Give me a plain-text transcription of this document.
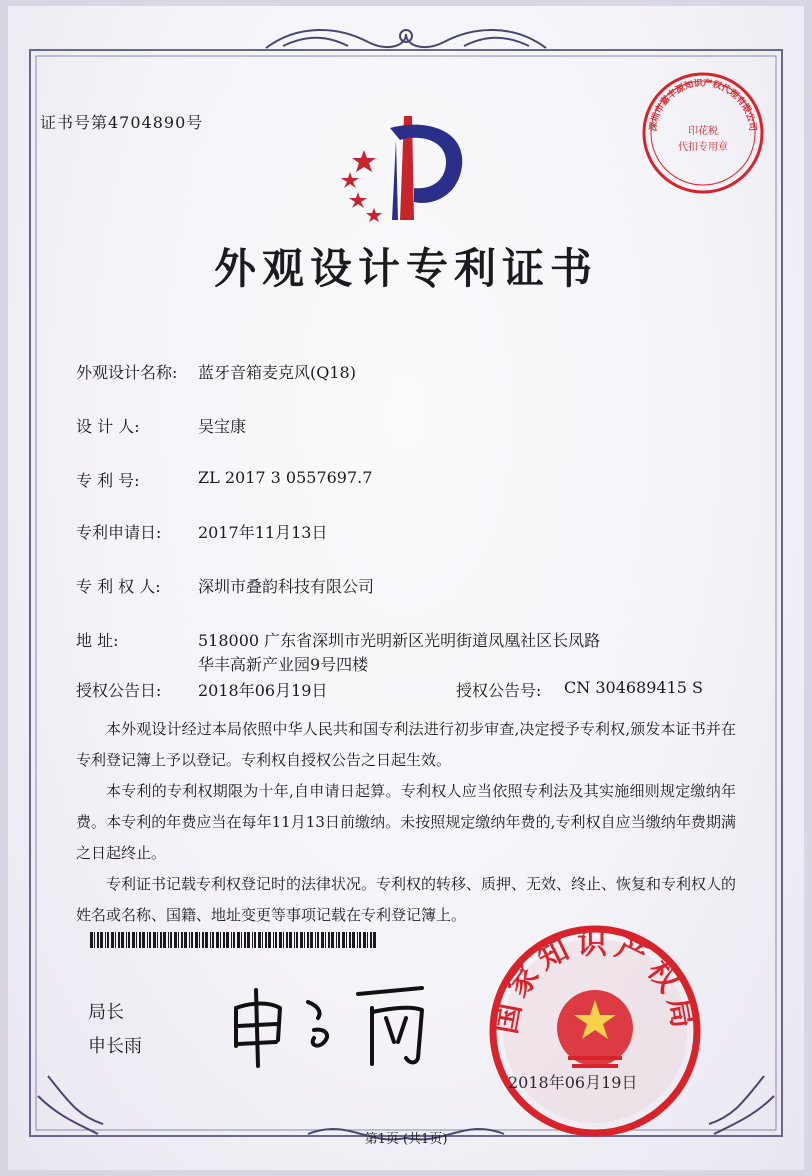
证书号第4704890号
外观设计专利证书
外观设计名称: 蓝牙音箱麦克风(Q18)
设 计 人:	吴宝康
专 利 号:	ZL 2017 3 0557697.7
专利申请日: 2017年11月13日
专 利 权 人: 深圳市叠韵科技有限公司
地 址:	518000 广东省深圳市光明新区光明街道凤凰社区长凤路
华丰高新产业园9号四楼
授权公告日: 2018年06月19日	授权公告号: CN 304689415 S

本外观设计经过本局依照中华人民共和国专利法进行初步审查,决定授予专利权,颁发本证书并在专利登记簿上予以登记。专利权自授权公告之日起生效。

本专利的专利权期限为十年,自申请日起算。专利权人应当依照专利法及其实施细则规定缴纳年费。本专利的年费应当在每年11月13日前缴纳。未按照规定缴纳年费的,专利权自应当缴纳年费期满之日起终止。

专利证书记载专利权登记时的法律状况。专利权的转移、质押、无效、终止、恢复和专利权人的姓名或名称、国籍、地址变更等事项记载在专利登记簿上。

局长
申长雨
国家知识产权局
2018年06月19日
深圳市嘉丰源知识产权代理有限公司
印花税
代扣专用章
第1页 (共1页)
